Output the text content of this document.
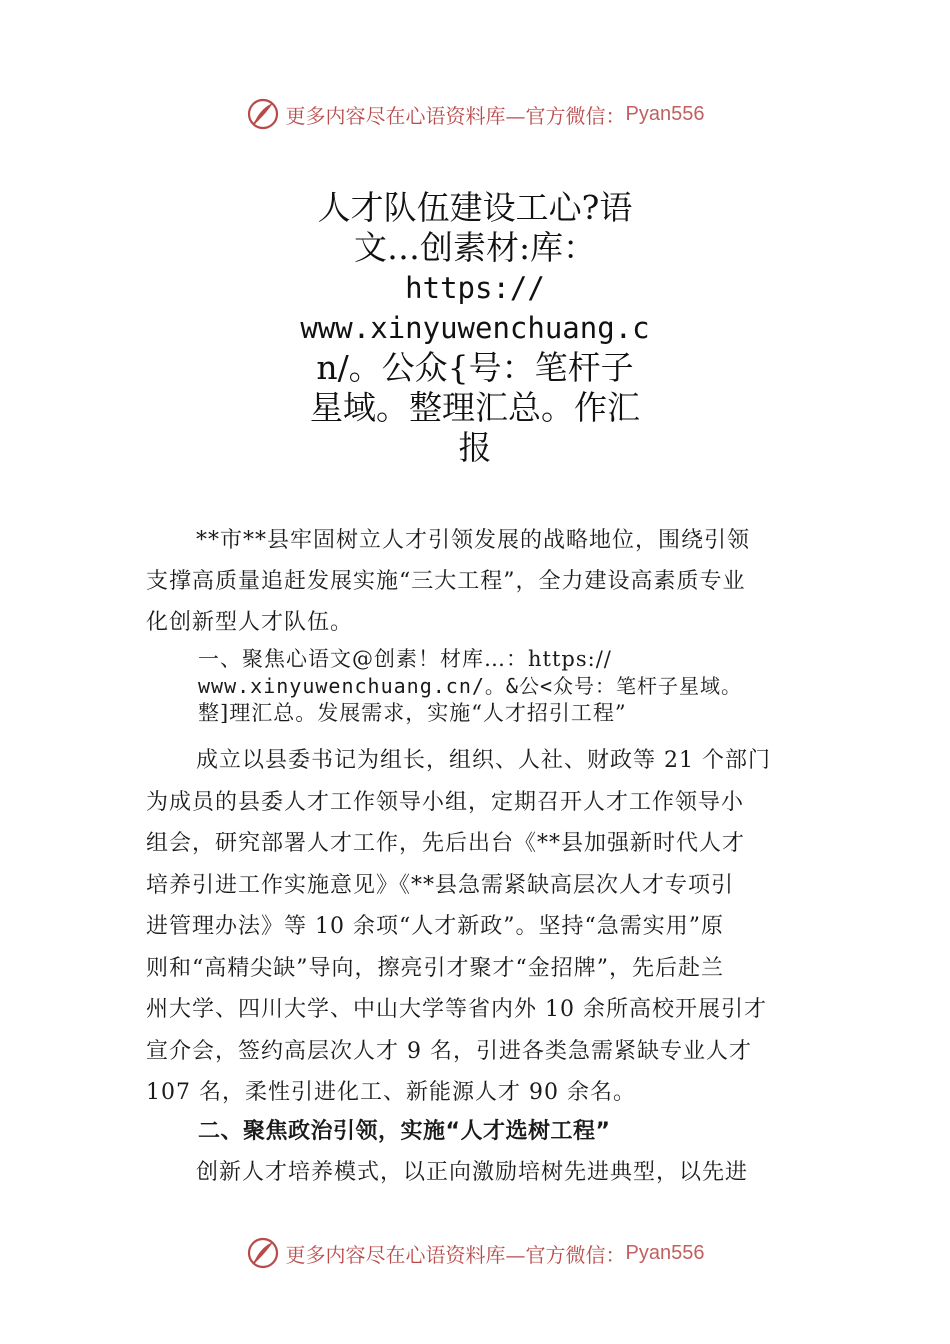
更多内容尽在心语资料库—官方微信： Pyan556
人才队伍建设工心?语
文…创素材:库：
https://
www.xinyuwenchuang.c
n/。公众{号：笔杆子
星域。整理汇总。作汇
报
**市**县牢固树立人才引领发展的战略地位，围绕引领
支撑高质量追赶发展实施“三大工程”，全力建设高素质专业
化创新型人才队伍。
一、聚焦心语文@创素！材库…：https://
www.xinyuwenchuang.cn/。&公<众号：笔杆子星域。
整]理汇总。发展需求，实施“人才招引工程”
成立以县委书记为组长，组织、人社、财政等 21 个部门
为成员的县委人才工作领导小组，定期召开人才工作领导小
组会，研究部署人才工作，先后出台《**县加强新时代人才
培养引进工作实施意见》《**县急需紧缺高层次人才专项引
进管理办法》等 10 余项“人才新政”。坚持“急需实用”原
则和“高精尖缺”导向，擦亮引才聚才“金招牌”，先后赴兰
州大学、四川大学、中山大学等省内外 10 余所高校开展引才
宣介会，签约高层次人才 9 名，引进各类急需紧缺专业人才
107 名，柔性引进化工、新能源人才 90 余名。
二、聚焦政治引领，实施“人才选树工程”
创新人才培养模式，以正向激励培树先进典型，以先进
更多内容尽在心语资料库—官方微信： Pyan556
